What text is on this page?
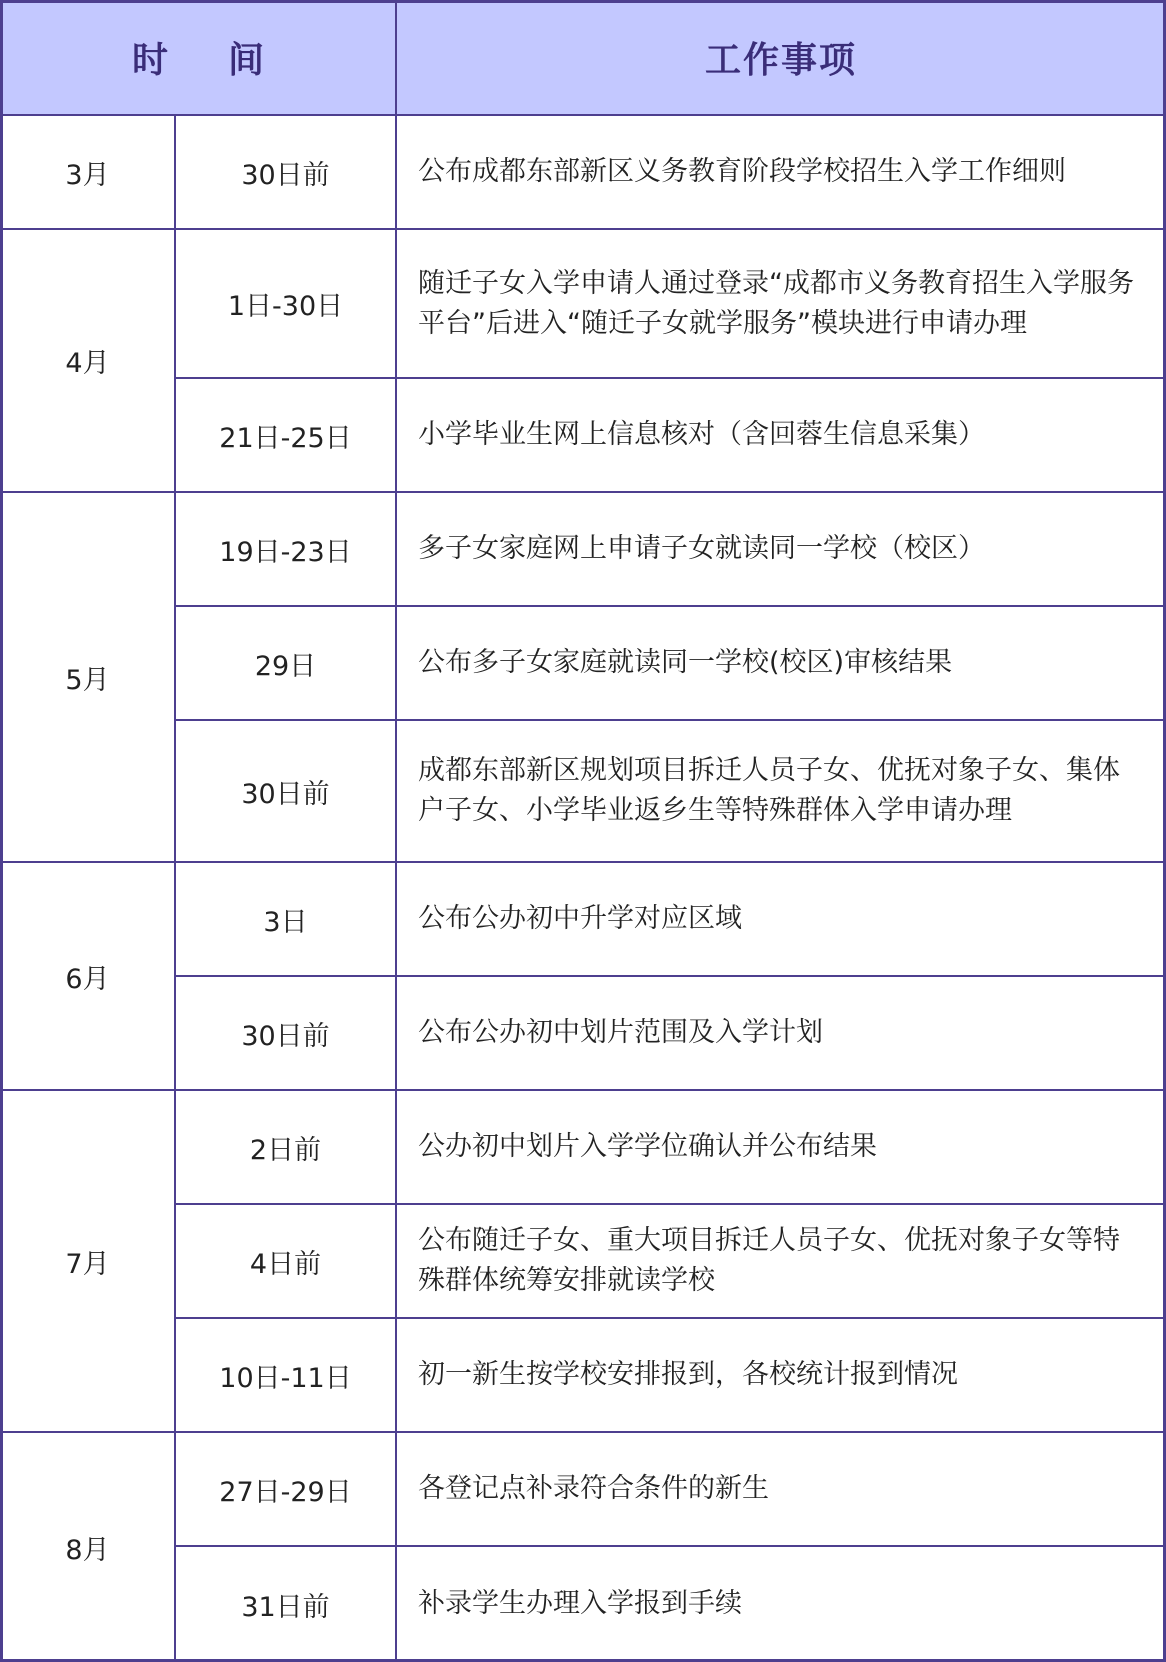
时间	工作事项
3月
4月
5月
6月
7月
8月
30日前
1日-30日
21日-25日
19日-23日
29日
30日前
3日
30日前
2日前
4日前
10日-11日
27日-29日
31日前
公布成都东部新区义务教育阶段学校招生入学工作细则
随迁子女入学申请人通过登录“成都市义务教育招生入学服务平台”后进入“随迁子女就学服务”模块进行申请办理
小学毕业生网上信息核对（含回蓉生信息采集）
多子女家庭网上申请子女就读同一学校（校区）
公布多子女家庭就读同一学校(校区)审核结果
成都东部新区规划项目拆迁人员子女、优抚对象子女、集体户子女、小学毕业返乡生等特殊群体入学申请办理
公布公办初中升学对应区域
公布公办初中划片范围及入学计划
公办初中划片入学学位确认并公布结果
公布随迁子女、重大项目拆迁人员子女、优抚对象子女等特殊群体统筹安排就读学校
初一新生按学校安排报到，各校统计报到情况
各登记点补录符合条件的新生
补录学生办理入学报到手续
